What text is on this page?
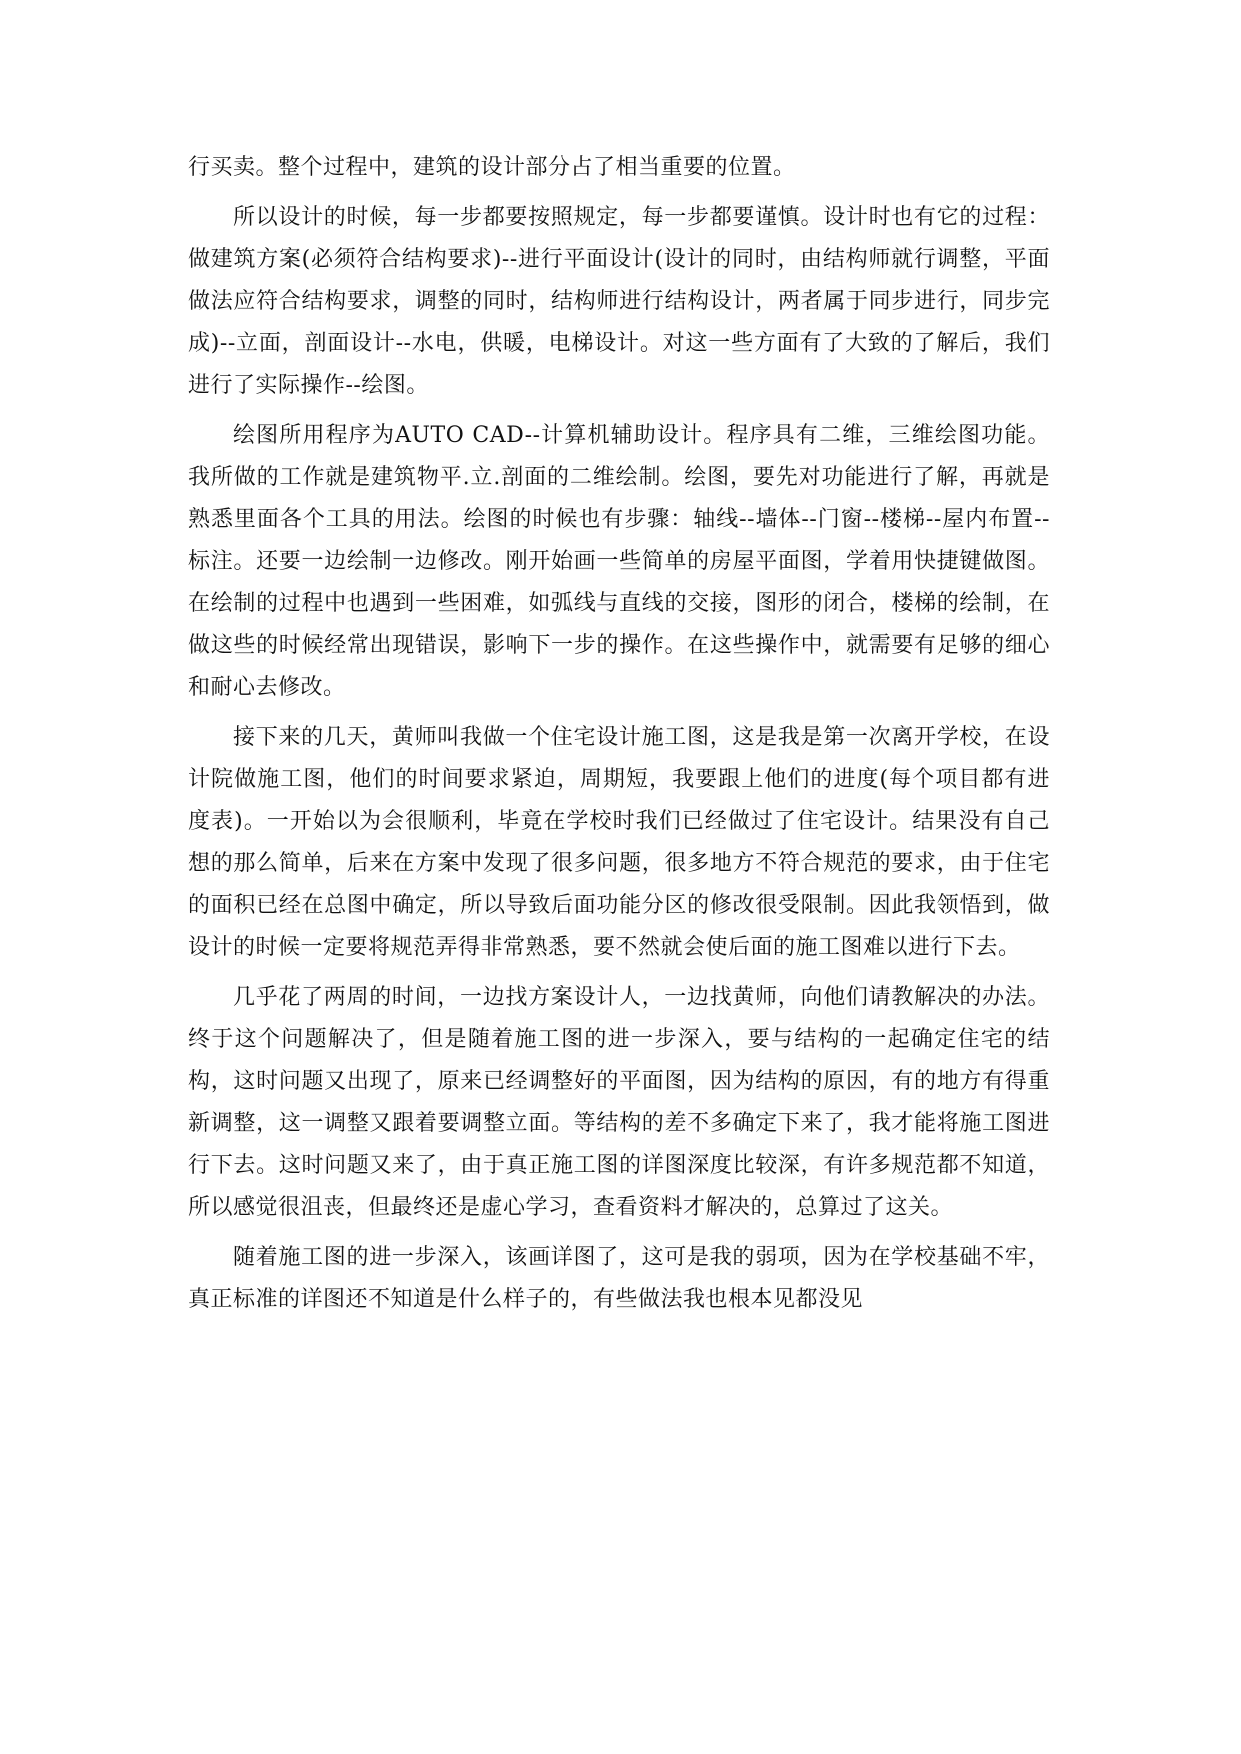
行买卖。整个过程中，建筑的设计部分占了相当重要的位置。

所以设计的时候，每一步都要按照规定，每一步都要谨慎。设计时也有它的过程：做建筑方案(必须符合结构要求)--进行平面设计(设计的同时，由结构师就行调整，平面做法应符合结构要求，调整的同时，结构师进行结构设计，两者属于同步进行，同步完成)--立面，剖面设计--水电，供暖，电梯设计。对这一些方面有了大致的了解后，我们进行了实际操作--绘图。

绘图所用程序为AUTO CAD--计算机辅助设计。程序具有二维，三维绘图功能。我所做的工作就是建筑物平.立.剖面的二维绘制。绘图，要先对功能进行了解，再就是熟悉里面各个工具的用法。绘图的时候也有步骤：轴线--墙体--门窗--楼梯--屋内布置--标注。还要一边绘制一边修改。刚开始画一些简单的房屋平面图，学着用快捷键做图。在绘制的过程中也遇到一些困难，如弧线与直线的交接，图形的闭合，楼梯的绘制，在做这些的时候经常出现错误，影响下一步的操作。在这些操作中，就需要有足够的细心和耐心去修改。

接下来的几天，黄师叫我做一个住宅设计施工图，这是我是第一次离开学校，在设计院做施工图，他们的时间要求紧迫，周期短，我要跟上他们的进度(每个项目都有进度表)。一开始以为会很顺利，毕竟在学校时我们已经做过了住宅设计。结果没有自己想的那么简单，后来在方案中发现了很多问题，很多地方不符合规范的要求，由于住宅的面积已经在总图中确定，所以导致后面功能分区的修改很受限制。因此我领悟到，做设计的时候一定要将规范弄得非常熟悉，要不然就会使后面的施工图难以进行下去。

几乎花了两周的时间，一边找方案设计人，一边找黄师，向他们请教解决的办法。终于这个问题解决了，但是随着施工图的进一步深入，要与结构的一起确定住宅的结构，这时问题又出现了，原来已经调整好的平面图，因为结构的原因，有的地方有得重新调整，这一调整又跟着要调整立面。等结构的差不多确定下来了，我才能将施工图进行下去。这时问题又来了，由于真正施工图的详图深度比较深，有许多规范都不知道，所以感觉很沮丧，但最终还是虚心学习，查看资料才解决的，总算过了这关。

随着施工图的进一步深入，该画详图了，这可是我的弱项，因为在学校基础不牢，真正标准的详图还不知道是什么样子的，有些做法我也根本见都没见
